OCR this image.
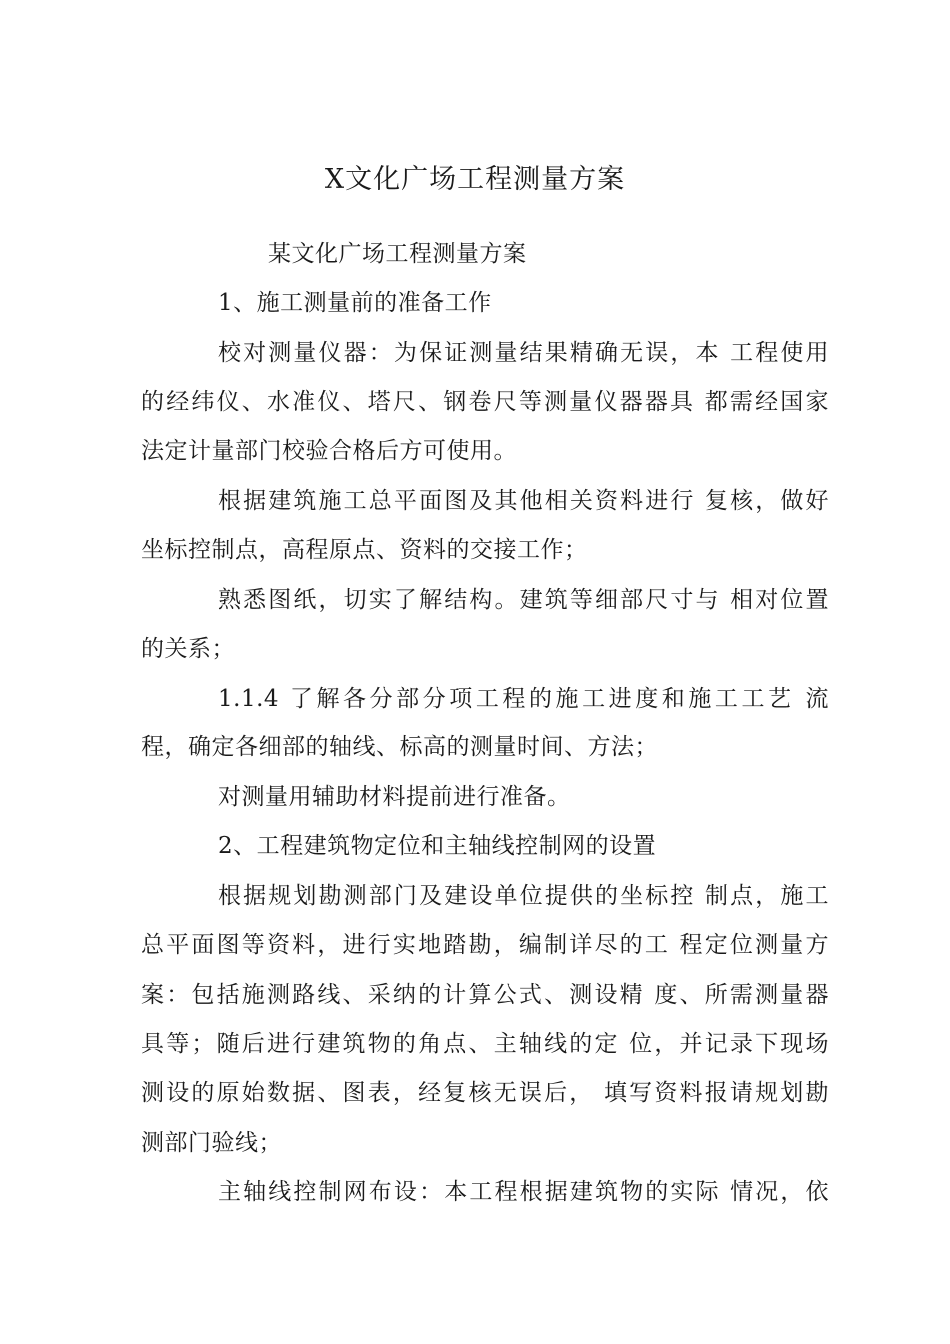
X文化广场工程测量方案

某文化广场工程测量方案

1、施工测量前的准备工作

校对测量仪器：为保证测量结果精确无误，本 工程使用

的经纬仪、水准仪、塔尺、钢卷尺等测量仪器器具 都需经国家

法定计量部门校验合格后方可使用。

根据建筑施工总平面图及其他相关资料进行 复核，做好

坐标控制点，高程原点、资料的交接工作；

熟悉图纸，切实了解结构。建筑等细部尺寸与 相对位置

的关系；

1.1.4 了解各分部分项工程的施工进度和施工工艺 流

程，确定各细部的轴线、标高的测量时间、方法；

对测量用辅助材料提前进行准备。

2、工程建筑物定位和主轴线控制网的设置

根据规划勘测部门及建设单位提供的坐标控 制点，施工

总平面图等资料，进行实地踏勘，编制详尽的工 程定位测量方

案：包括施测路线、采纳的计算公式、测设精 度、所需测量器

具等；随后进行建筑物的角点、主轴线的定 位，并记录下现场

测设的原始数据、图表，经复核无误后， 填写资料报请规划勘

测部门验线；

主轴线控制网布设：本工程根据建筑物的实际 情况，依
